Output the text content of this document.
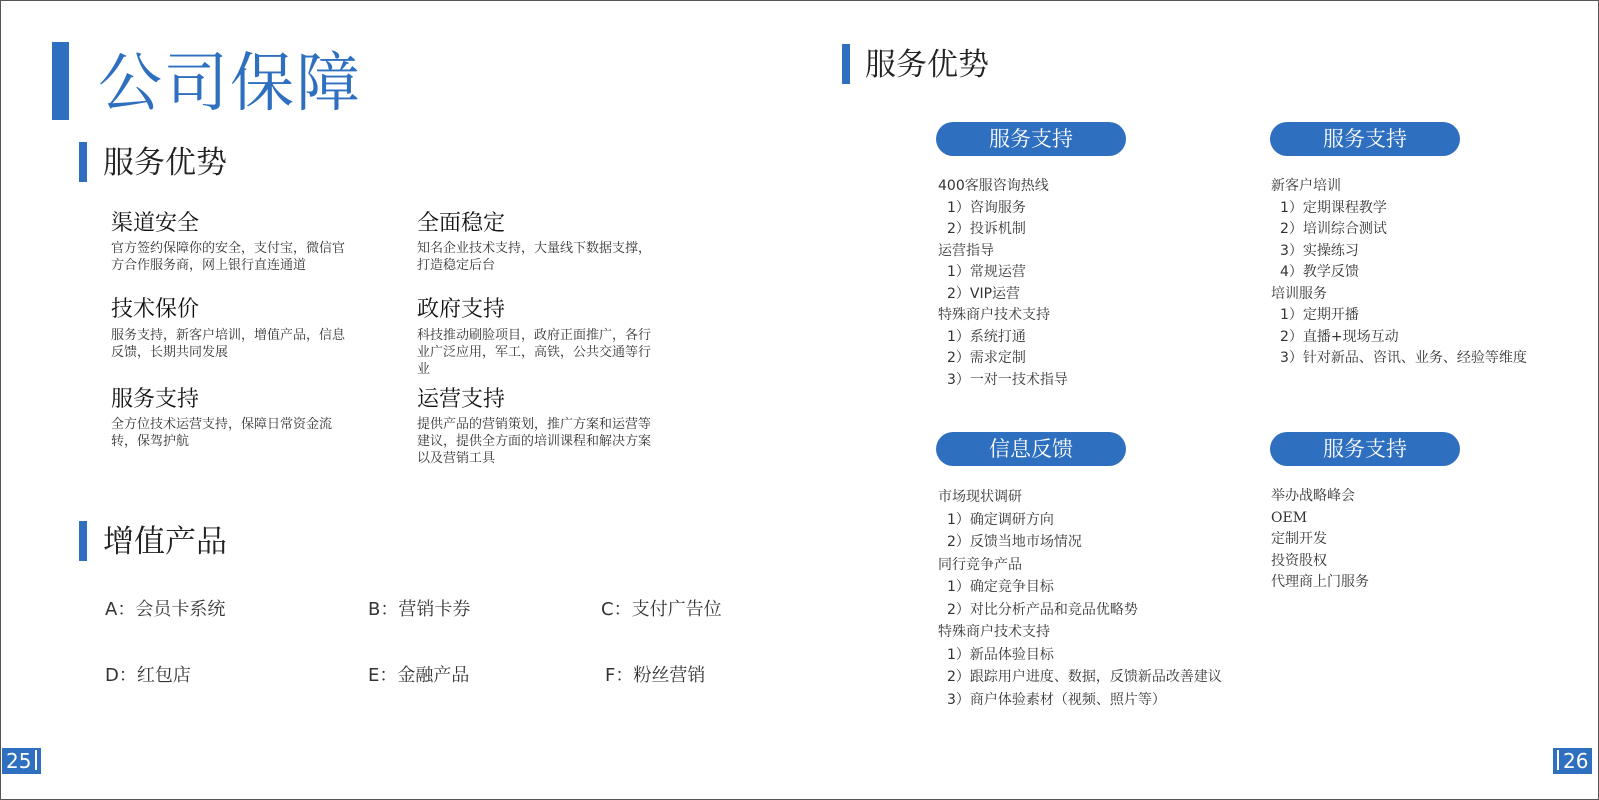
公司保障
服务优势
渠道安全
官方签约保障你的安全，支付宝，微信官方合作服务商，网上银行直连通道
全面稳定
知名企业技术支持，大量线下数据支撑，打造稳定后台
技术保价
服务支持，新客户培训，增值产品，信息反馈，长期共同发展
政府支持
科技推动刷脸项目，政府正面推广，各行业广泛应用，军工，高铁，公共交通等行业
服务支持
全方位技术运营支持，保障日常资金流转，保驾护航
运营支持
提供产品的营销策划，推广方案和运营等建议，提供全方面的培训课程和解决方案以及营销工具
增值产品
A：会员卡系统	B：营销卡券	C：支付广告位
D：红包店	E：金融产品	F：粉丝营销
25
服务优势
服务支持
400客服咨询热线
1）咨询服务
2）投诉机制
运营指导
1）常规运营
2）VIP运营
特殊商户技术支持
1）系统打通
2）需求定制
3）一对一技术指导
服务支持
新客户培训
1）定期课程教学
2）培训综合测试
3）实操练习
4）教学反馈
培训服务
1）定期开播
2）直播+现场互动
3）针对新品、咨讯、业务、经验等维度
信息反馈
市场现状调研
1）确定调研方向
2）反馈当地市场情况
同行竞争产品
1）确定竞争目标
2）对比分析产品和竞品优略势
特殊商户技术支持
1）新品体验目标
2）跟踪用户进度、数据，反馈新品改善建议
3）商户体验素材（视频、照片等）
服务支持
举办战略峰会
OEM
定制开发
投资股权
代理商上门服务
26
